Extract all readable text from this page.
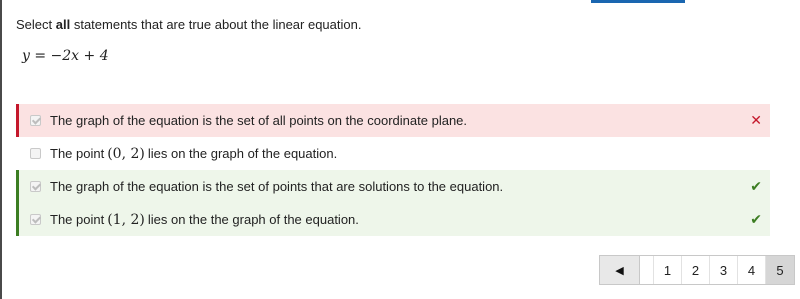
Select all statements that are true about the linear equation.
y = −2x + 4
The graph of the equation is the set of all points on the coordinate plane.	✕
The point (0, 2) lies on the graph of the equation.
The graph of the equation is the set of points that are solutions to the equation.	✔
The point (1, 2) lies on the the graph of the equation.	✔
◀	1	2	3	4	5
